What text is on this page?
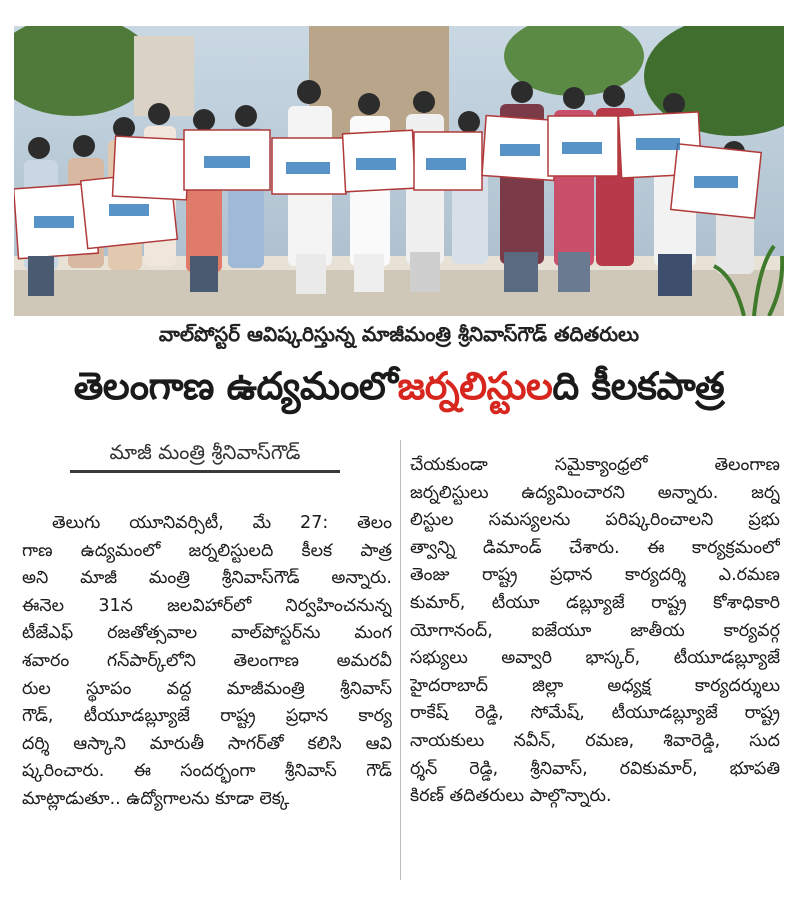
వాల్‌పోస్టర్‌ ఆవిష్కరిస్తున్న మాజీమంత్రి శ్రీనివాస్‌గౌడ్‌ తదితరులు
తెలంగాణ ఉద్యమంలో జర్నలిస్టుల ది కీలకపాత్ర
మాజీ మంత్రి శ్రీనివాస్‌గౌడ్‌
తెలుగు యూనివర్సిటీ, మే 27: తెలం
గాణ ఉద్యమంలో జర్నలిస్టులది కీలక పాత్ర
అని మాజీ మంత్రి శ్రీనివాస్‌గౌడ్‌ అన్నారు.
ఈనెల 31న జలవిహార్‌లో నిర్వహించనున్న
టీజేఎఫ్‌ రజతోత్సవాల వాల్‌పోస్టర్‌ను మంగ
శవారం గన్‌పార్క్‌లోని తెలంగాణ అమరవీ
రుల స్థూపం వద్ద మాజీమంత్రి శ్రీనివాస్‌
గౌడ్‌, టీయూడబ్ల్యూజే రాష్ట్ర ప్రధాన కార్య
దర్శి ఆస్కాని మారుతీ సాగర్‌తో కలిసి ఆవి
ష్కరించారు. ఈ సందర్భంగా శ్రీనివాస్‌ గౌడ్‌
మాట్లాడుతూ.. ఉద్యోగాలను కూడా లెక్క
చేయకుండా సమైక్యాంధ్రలో తెలంగాణ
జర్నలిస్టులు ఉద్యమించారని అన్నారు. జర్న
లిస్టుల సమస్యలను పరిష్కరించాలని ప్రభు
త్వాన్ని డిమాండ్‌ చేశారు. ఈ కార్యక్రమంలో
తెంజు రాష్ట్ర ప్రధాన కార్యదర్శి ఎ.రమణ
కుమార్‌, టీయూ డబ్ల్యూజే రాష్ట్ర కోశాధికారి
యోగానంద్‌, ఐజేయూ జాతీయ కార్యవర్గ
సభ్యులు అవ్వారి భాస్కర్‌, టీయూడబ్ల్యూజే
హైదరాబాద్‌ జిల్లా అధ్యక్ష కార్యదర్శులు
రాకేష్‌ రెడ్డి, సోమేష్‌, టీయూడబ్ల్యూజే రాష్ట్ర
నాయకులు నవీన్‌, రమణ, శివారెడ్డి, సుద
ర్శన్‌ రెడ్డి, శ్రీనివాస్‌, రవికుమార్‌, భూపతి
కిరణ్‌ తదితరులు పాల్గొన్నారు.
